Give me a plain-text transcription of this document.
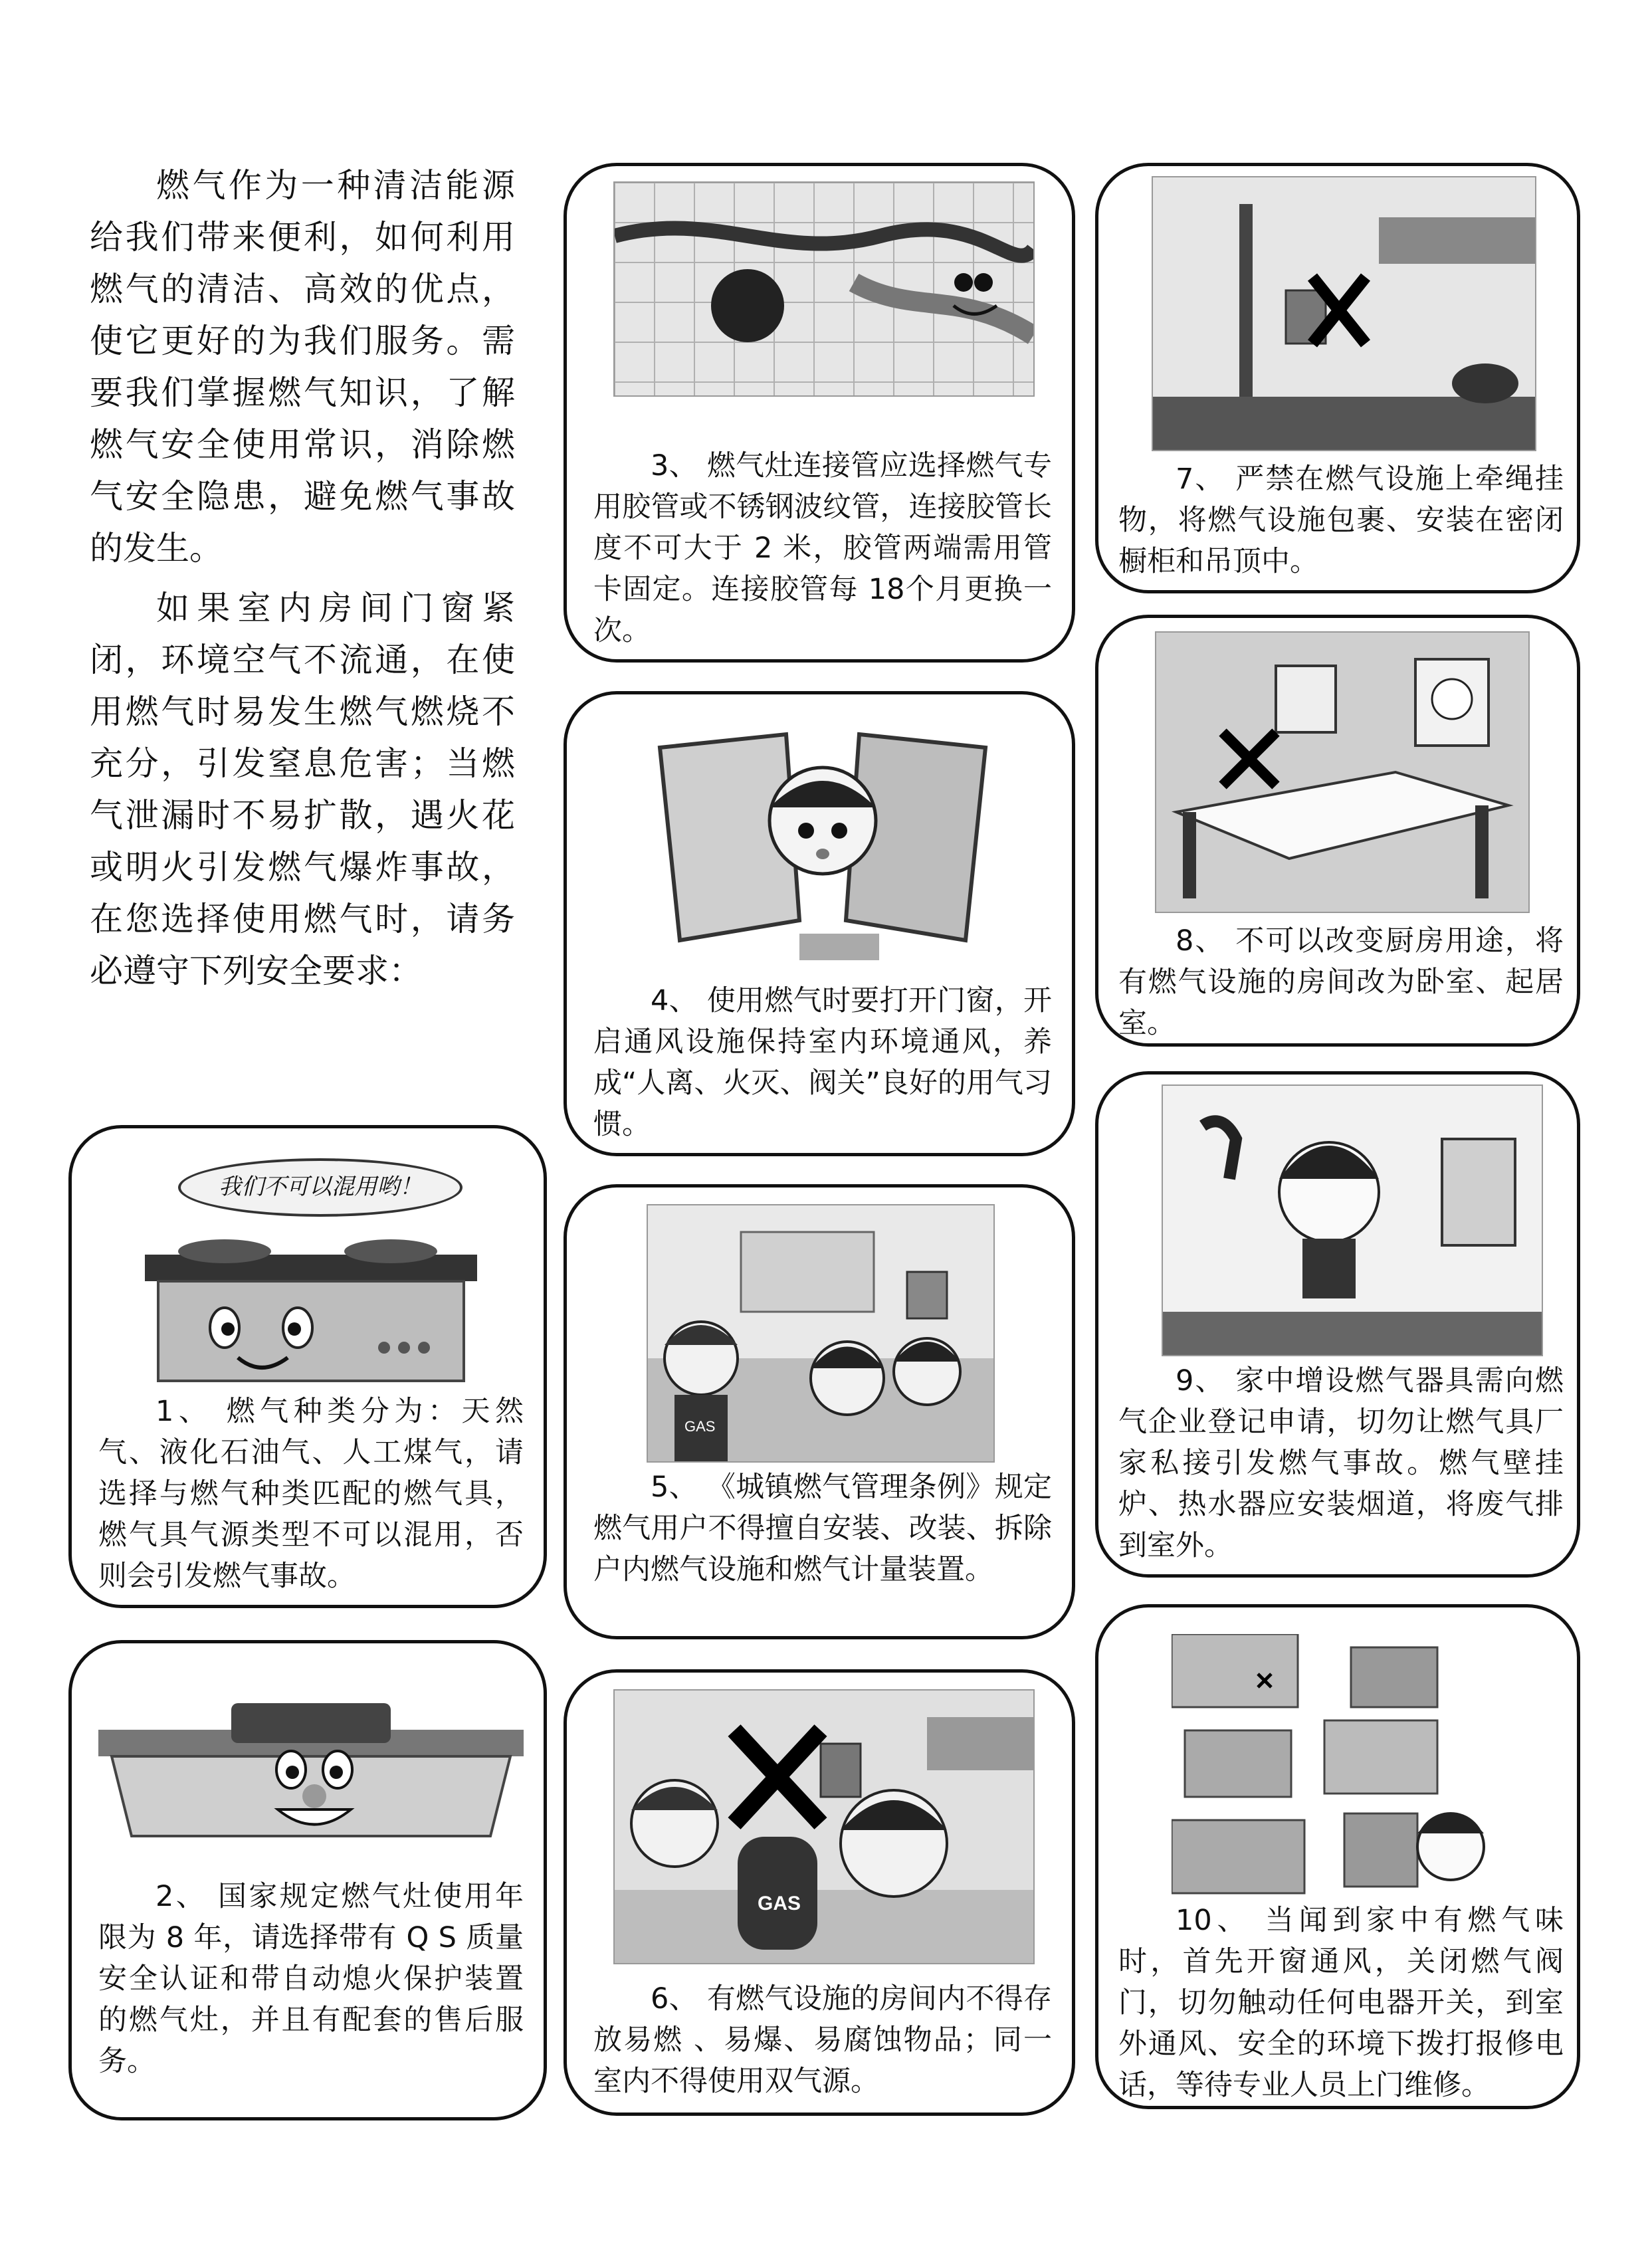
燃气作为一种清洁能源给我们带来便利，如何利用燃气的清洁、高效的优点，使它更好的为我们服务。需要我们掌握燃气知识，了解燃气安全使用常识，消除燃气安全隐患，避免燃气事故的发生。

如果室内房间门窗紧闭，环境空气不流通，在使用燃气时易发生燃气燃烧不充分，引发窒息危害；当燃气泄漏时不易扩散，遇火花或明火引发燃气爆炸事故，在您选择使用燃气时，请务必遵守下列安全要求：

我们不可以混用哟！

1、 燃气种类分为：天然气、液化石油气、人工煤气，请选择与燃气种类匹配的燃气具，燃气具气源类型不可以混用，否则会引发燃气事故。

2、 国家规定燃气灶使用年限为 8 年，请选择带有 Q S 质量安全认证和带自动熄火保护装置的燃气灶，并且有配套的售后服务。

3、 燃气灶连接管应选择燃气专用胶管或不锈钢波纹管，连接胶管长度不可大于 2 米，胶管两端需用管卡固定。连接胶管每 18个月更换一次。

4、 使用燃气时要打开门窗，开启通风设施保持室内环境通风，养成“人离、火灭、阀关”良好的用气习惯。

GAS

5、 《城镇燃气管理条例》规定燃气用户不得擅自安装、改装、拆除户内燃气设施和燃气计量装置。

GAS

6、 有燃气设施的房间内不得存放易燃 、易爆、易腐蚀物品；同一室内不得使用双气源。

7、 严禁在燃气设施上牵绳挂物，将燃气设施包裹、安装在密闭橱柜和吊顶中。

8、 不可以改变厨房用途，将有燃气设施的房间改为卧室、起居室。

9、 家中增设燃气器具需向燃气企业登记申请，切勿让燃气具厂家私接引发燃气事故。燃气壁挂炉、热水器应安装烟道，将废气排到室外。

10、 当闻到家中有燃气味时，首先开窗通风，关闭燃气阀门，切勿触动任何电器开关，到室外通风、安全的环境下拨打报修电话，等待专业人员上门维修。
